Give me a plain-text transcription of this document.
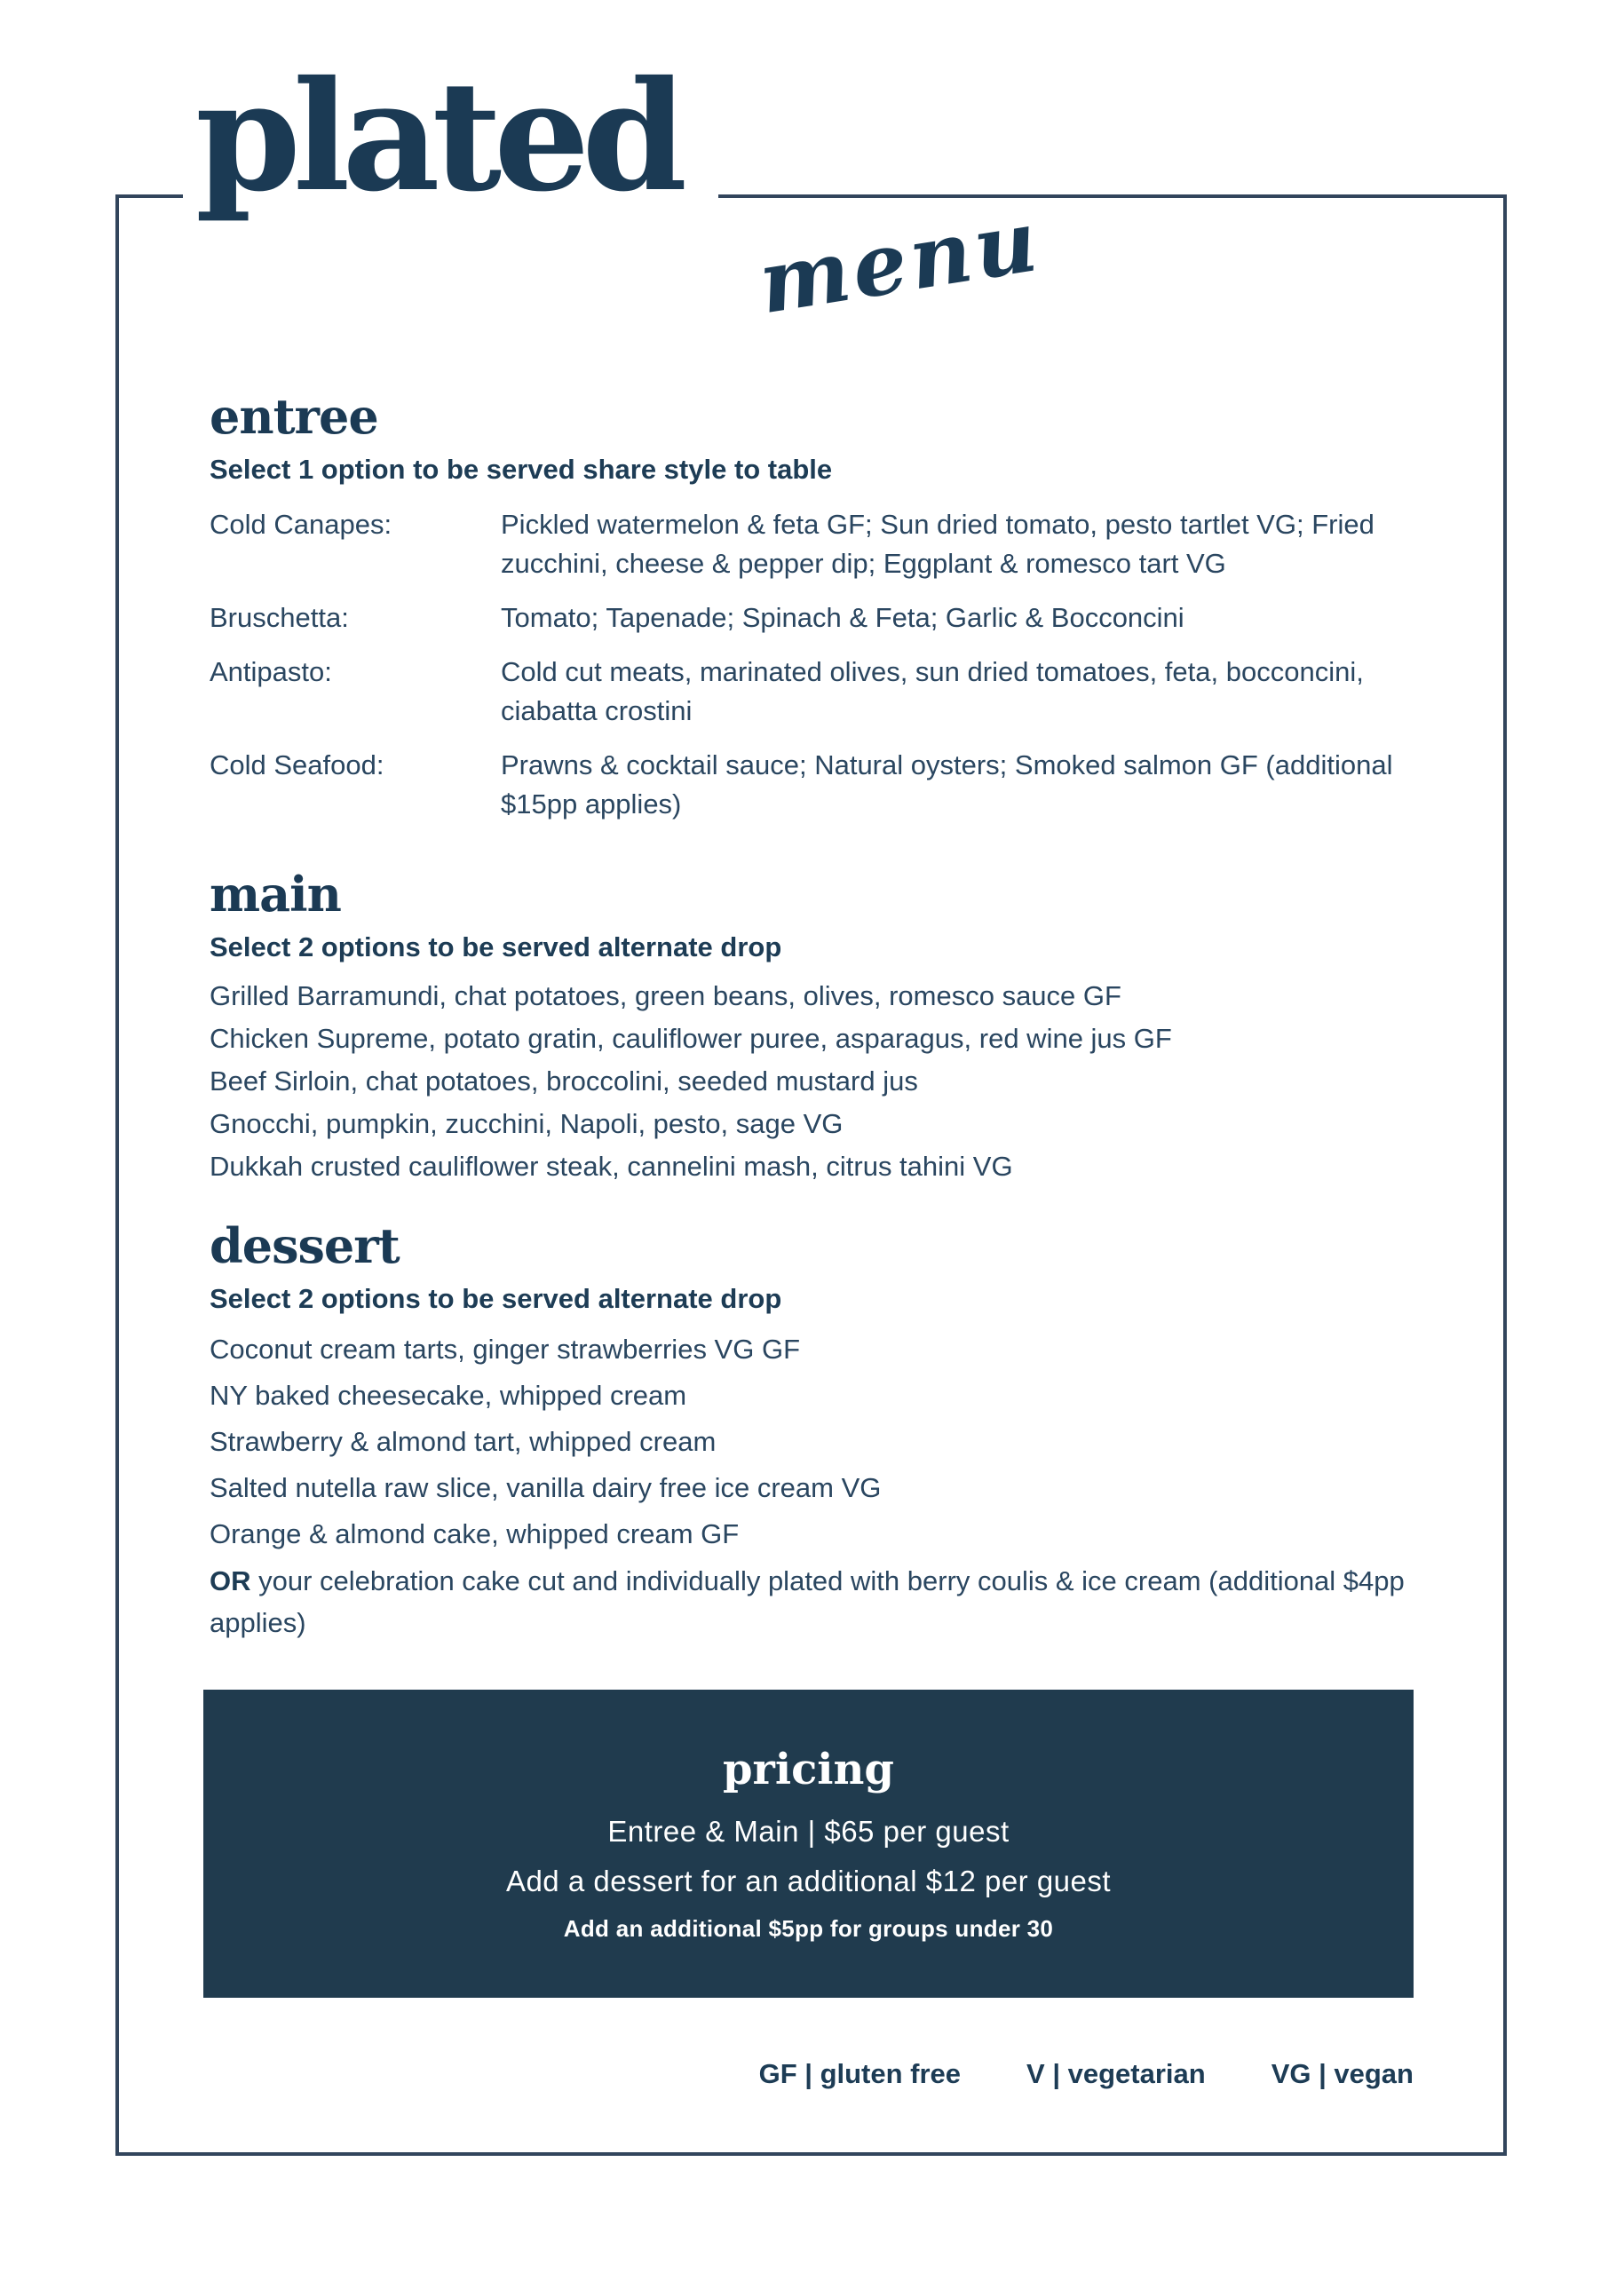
plated
menu
entree

Select 1 option to be served share style to table

Cold Canapes:	Pickled watermelon & feta GF; Sun dried tomato, pesto tartlet VG; Fried zucchini, cheese & pepper dip; Eggplant & romesco tart VG
Bruschetta:	Tomato; Tapenade; Spinach & Feta; Garlic & Bocconcini
Antipasto:	Cold cut meats, marinated olives, sun dried tomatoes, feta, bocconcini, ciabatta crostini
Cold Seafood:	Prawns & cocktail sauce; Natural oysters; Smoked salmon GF (additional $15pp applies)
main

Select 2 options to be served alternate drop

Grilled Barramundi, chat potatoes, green beans, olives, romesco sauce GF
Chicken Supreme, potato gratin, cauliflower puree, asparagus, red wine jus GF
Beef Sirloin, chat potatoes, broccolini, seeded mustard jus
Gnocchi, pumpkin, zucchini, Napoli, pesto, sage VG
Dukkah crusted cauliflower steak, cannelini mash, citrus tahini VG
dessert

Select 2 options to be served alternate drop

Coconut cream tarts, ginger strawberries VG GF
NY baked cheesecake, whipped cream
Strawberry & almond tart, whipped cream
Salted nutella raw slice, vanilla dairy free ice cream VG
Orange & almond cake, whipped cream GF
OR your celebration cake cut and individually plated with berry coulis & ice cream (additional $4pp applies)
pricing
Entree & Main | $65 per guest
Add a dessert for an additional $12 per guest
Add an additional $5pp for groups under 30
GF | gluten free V | vegetarian VG | vegan
